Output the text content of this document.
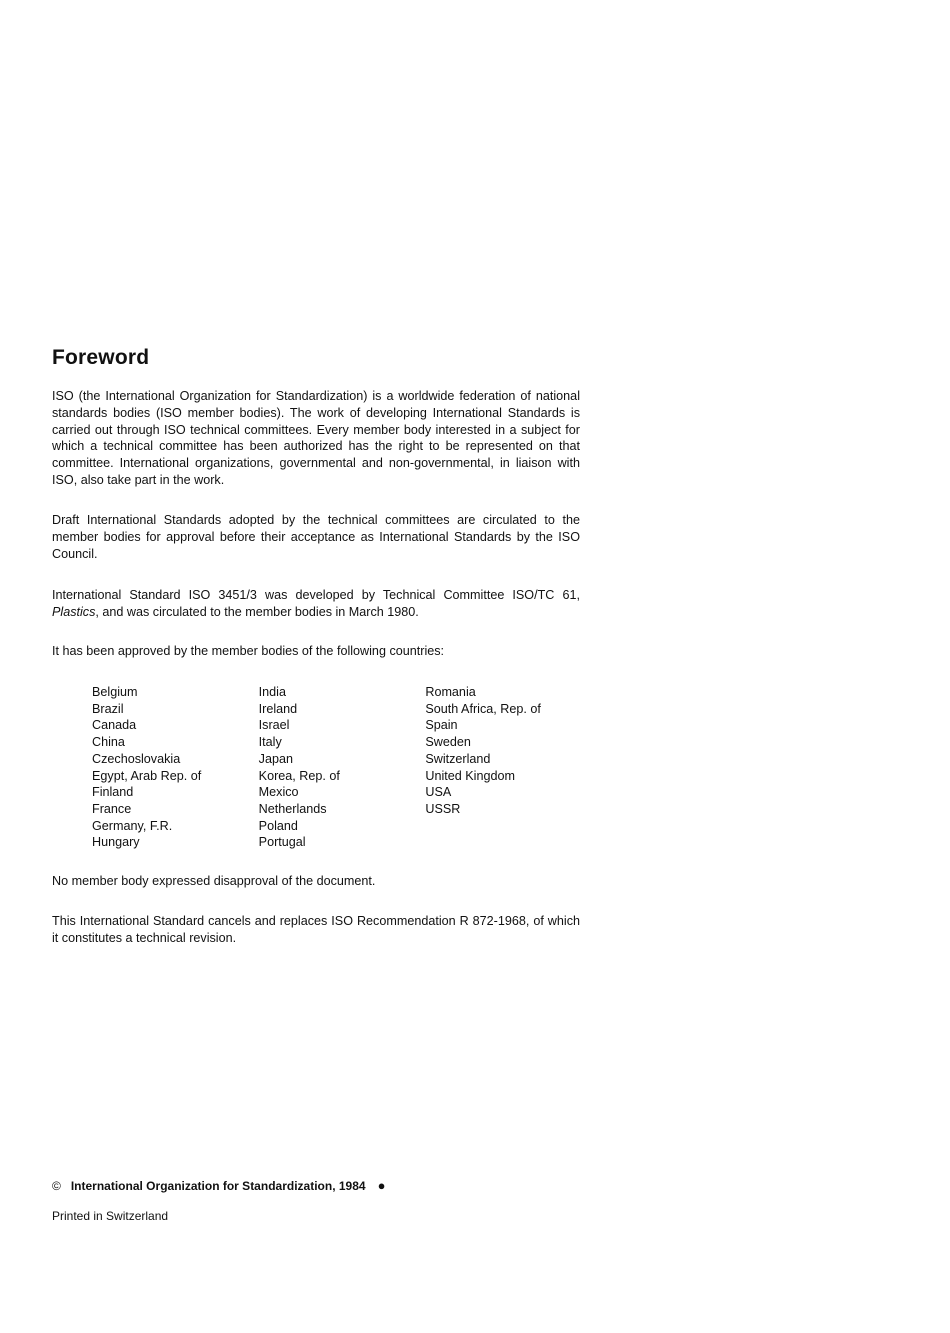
Foreword

ISO (the International Organization for Standardization) is a worldwide federation of national standards bodies (ISO member bodies). The work of developing International Standards is carried out through ISO technical committees. Every member body interested in a subject for which a technical committee has been authorized has the right to be represented on that committee. International organizations, governmental and non-governmental, in liaison with ISO, also take part in the work.

Draft International Standards adopted by the technical committees are circulated to the member bodies for approval before their acceptance as International Standards by the ISO Council.

International Standard ISO 3451/3 was developed by Technical Committee ISO/TC 61, Plastics, and was circulated to the member bodies in March 1980.

It has been approved by the member bodies of the following countries:

Belgium
Brazil
Canada
China
Czechoslovakia
Egypt, Arab Rep. of
Finland
France
Germany, F.R.
Hungary
India
Ireland
Israel
Italy
Japan
Korea, Rep. of
Mexico
Netherlands
Poland
Portugal
Romania
South Africa, Rep. of
Spain
Sweden
Switzerland
United Kingdom
USA
USSR

No member body expressed disapproval of the document.

This International Standard cancels and replaces ISO Recommendation R 872-1968, of which it constitutes a technical revision.

© International Organization for Standardization, 1984 ●

Printed in Switzerland
